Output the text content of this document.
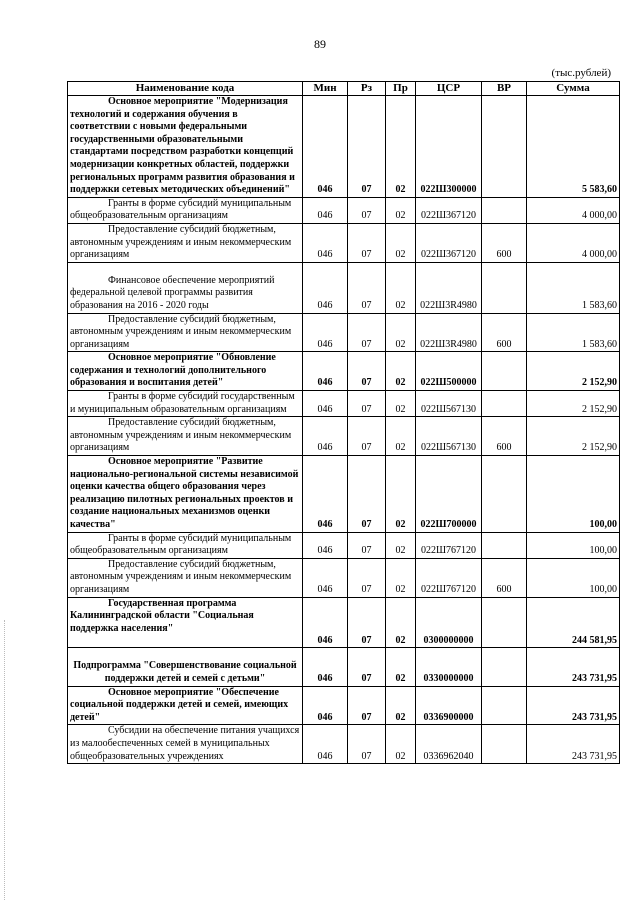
89
(тыс.рублей)
Наименование кода	Мин	Рз	Пр	ЦСР	ВР	Сумма

Основное мероприятие "Модернизация технологий и содержания обучения в соответствии с новыми федеральными государственными образовательными стандартами посредством разработки концепций модернизации конкретных областей, поддержки региональных программ развития образования и поддержки сетевых методических объединений"	046	07	02	022Ш300000		5 583,60

Гранты в форме субсидий муниципальным общеобразовательным организациям	046	07	02	022Ш367120		4 000,00

Предоставление субсидий бюджетным, автономным учреждениям и иным некоммерческим организациям	046	07	02	022Ш367120	600	4 000,00

Финансовое обеспечение мероприятий федеральной целевой программы развития образования на 2016 - 2020 годы	046	07	02	022Ш3R4980		1 583,60

Предоставление субсидий бюджетным, автономным учреждениям и иным некоммерческим организациям	046	07	02	022Ш3R4980	600	1 583,60

Основное мероприятие "Обновление содержания и технологий дополнительного образования и воспитания детей"	046	07	02	022Ш500000		2 152,90

Гранты в форме субсидий государственным и муниципальным образовательным организациям	046	07	02	022Ш567130		2 152,90

Предоставление субсидий бюджетным, автономным учреждениям и иным некоммерческим организациям	046	07	02	022Ш567130	600	2 152,90

Основное мероприятие "Развитие национально-региональной системы независимой оценки качества общего образования через реализацию пилотных региональных проектов и создание национальных механизмов оценки качества"	046	07	02	022Ш700000		100,00

Гранты в форме субсидий муниципальным общеобразовательным организациям	046	07	02	022Ш767120		100,00

Предоставление субсидий бюджетным, автономным учреждениям и иным некоммерческим организациям	046	07	02	022Ш767120	600	100,00

Государственная программа Калининградской области "Социальная поддержка населения"	046	07	02	0300000000		244 581,95

Подпрограмма "Совершенствование социальной поддержки детей и семей с детьми"	046	07	02	0330000000		243 731,95

Основное мероприятие "Обеспечение социальной поддержки детей и семей, имеющих детей"	046	07	02	0336900000		243 731,95

Субсидии на обеспечение питания учащихся из малообеспеченных семей в муниципальных общеобразовательных учреждениях	046	07	02	0336962040		243 731,95
